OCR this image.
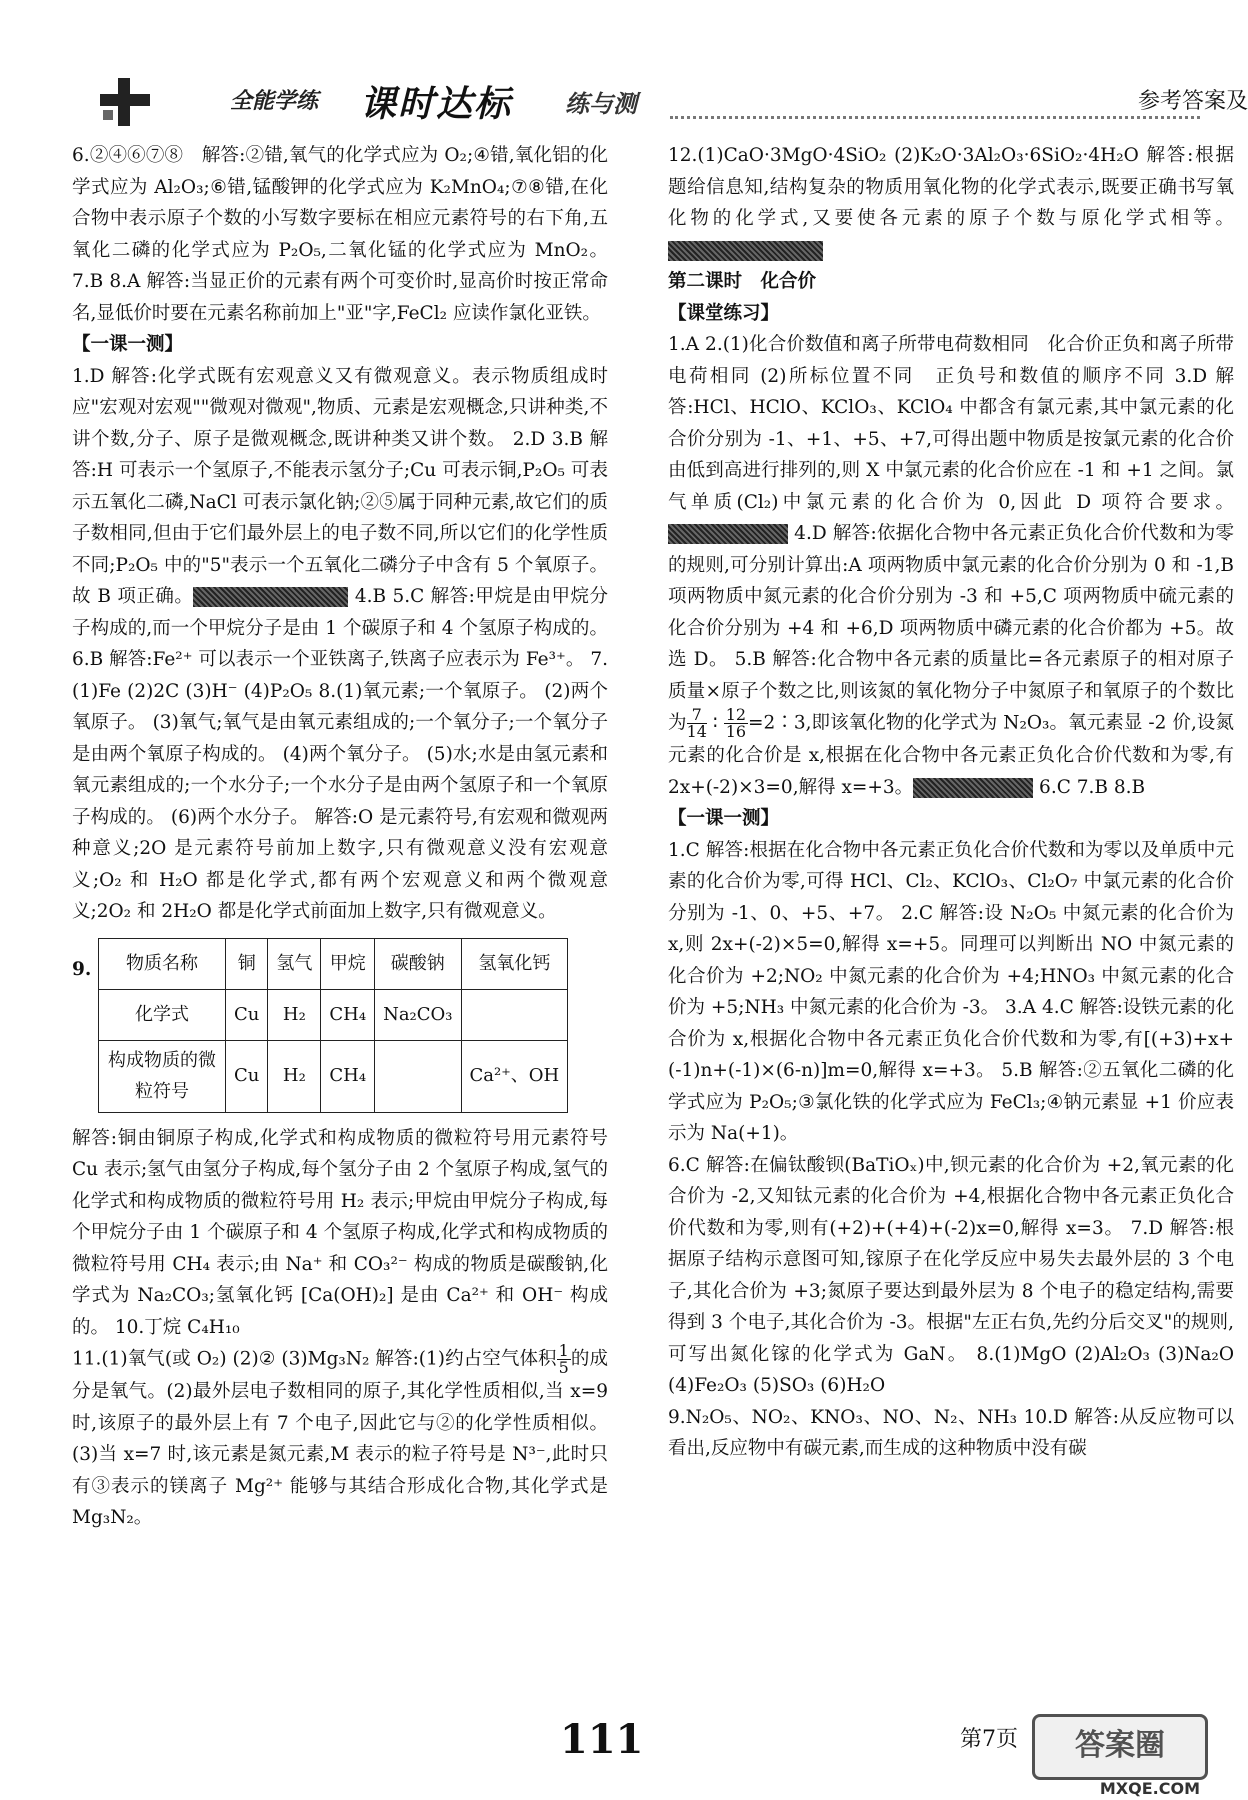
全能学练 课时达标 练与测	参考答案及

6.②④⑥⑦⑧　解答:②错,氧气的化学式应为 O₂;④错,氧化铝的化学式应为 Al₂O₃;⑥错,锰酸钾的化学式应为 K₂MnO₄;⑦⑧错,在化合物中表示原子个数的小写数字要标在相应元素符号的右下角,五氧化二磷的化学式应为 P₂O₅,二氧化锰的化学式应为 MnO₂。 7.B 8.A 解答:当显正价的元素有两个可变价时,显高价时按正常命名,显低价时要在元素名称前加上"亚"字,FeCl₂ 应读作氯化亚铁。

【一课一测】

1.D 解答:化学式既有宏观意义又有微观意义。表示物质组成时应"宏观对宏观""微观对微观",物质、元素是宏观概念,只讲种类,不讲个数,分子、原子是微观概念,既讲种类又讲个数。 2.D 3.B 解答:H 可表示一个氢原子,不能表示氢分子;Cu 可表示铜,P₂O₅ 可表示五氧化二磷,NaCl 可表示氯化钠;②⑤属于同种元素,故它们的质子数相同,但由于它们最外层上的电子数不同,所以它们的化学性质不同;P₂O₅ 中的"5"表示一个五氧化二磷分子中含有 5 个氧原子。故 B 项正确。	4.B 5.C 解答:甲烷是由甲烷分子构成的,而一个甲烷分子是由 1 个碳原子和 4 个氢原子构成的。 6.B 解答:Fe²⁺ 可以表示一个亚铁离子,铁离子应表示为 Fe³⁺。 7.(1)Fe (2)2C (3)H⁻ (4)P₂O₅ 8.(1)氧元素;一个氧原子。 (2)两个氧原子。 (3)氧气;氧气是由氧元素组成的;一个氧分子;一个氧分子是由两个氧原子构成的。 (4)两个氧分子。 (5)水;水是由氢元素和氧元素组成的;一个水分子;一个水分子是由两个氢原子和一个氧原子构成的。 (6)两个水分子。 解答:O 是元素符号,有宏观和微观两种意义;2O 是元素符号前加上数字,只有微观意义没有宏观意义;O₂ 和 H₂O 都是化学式,都有两个宏观意义和两个微观意义;2O₂ 和 2H₂O 都是化学式前面加上数字,只有微观意义。

9. 物质名称	铜	氢气	甲烷	碳酸钠	氢氧化钙
化学式	Cu	H₂	CH₄	Na₂CO₃	
构成物质的微粒符号	Cu	H₂	CH₄		Ca²⁺、OH

解答:铜由铜原子构成,化学式和构成物质的微粒符号用元素符号 Cu 表示;氢气由氢分子构成,每个氢分子由 2 个氢原子构成,氢气的化学式和构成物质的微粒符号用 H₂ 表示;甲烷由甲烷分子构成,每个甲烷分子由 1 个碳原子和 4 个氢原子构成,化学式和构成物质的微粒符号用 CH₄ 表示;由 Na⁺ 和 CO₃²⁻ 构成的物质是碳酸钠,化学式为 Na₂CO₃;氢氧化钙 [Ca(OH)₂] 是由 Ca²⁺ 和 OH⁻ 构成的。 10.丁烷 C₄H₁₀

11.(1)氧气(或 O₂) (2)② (3)Mg₃N₂ 解答:(1)约占空气体积 $\frac{1}{5}$ 的成分是氧气。(2)最外层电子数相同的原子,其化学性质相似,当 x=9 时,该原子的最外层上有 7 个电子,因此它与②的化学性质相似。(3)当 x=7 时,该元素是氮元素,M 表示的粒子符号是 N³⁻,此时只有③表示的镁离子 Mg²⁺ 能够与其结合形成化合物,其化学式是 Mg₃N₂。

12.(1)CaO·3MgO·4SiO₂ (2)K₂O·3Al₂O₃·6SiO₂·4H₂O 解答:根据题给信息知,结构复杂的物质用氧化物的化学式表示,既要正确书写氧化物的化学式,又要使各元素的原子个数与原化学式相等。

第二课时　化合价

【课堂练习】

1.A 2.(1)化合价数值和离子所带电荷数相同　化合价正负和离子所带电荷相同 (2)所标位置不同　正负号和数值的顺序不同 3.D 解答:HCl、HClO、KClO₃、KClO₄ 中都含有氯元素,其中氯元素的化合价分别为 -1、+1、+5、+7,可得出题中物质是按氯元素的化合价由低到高进行排列的,则 X 中氯元素的化合价应在 -1 和 +1 之间。氯气单质(Cl₂)中氯元素的化合价为 0,因此 D 项符合要求。 4.D 解答:依据化合物中各元素正负化合价代数和为零的规则,可分别计算出:A 项两物质中氯元素的化合价分别为 0 和 -1,B 项两物质中氮元素的化合价分别为 -3 和 +5,C 项两物质中硫元素的化合价分别为 +4 和 +6,D 项两物质中磷元素的化合价都为 +5。故选 D。 5.B 解答:化合物中各元素的质量比=各元素原子的相对原子质量×原子个数之比,则该氮的氧化物分子中氮原子和氧原子的个数比为 $\frac{7}{14}$ ∶ $\frac{12}{16}$ =2∶3,即该氧化物的化学式为 N₂O₃。氧元素显 -2 价,设氮元素的化合价是 x,根据在化合物中各元素正负化合价代数和为零,有 2x+(-2)×3=0,解得 x=+3。	6.C 7.B 8.B

【一课一测】

1.C 解答:根据在化合物中各元素正负化合价代数和为零以及单质中元素的化合价为零,可得 HCl、Cl₂、KClO₃、Cl₂O₇ 中氯元素的化合价分别为 -1、0、+5、+7。 2.C 解答:设 N₂O₅ 中氮元素的化合价为 x,则 2x+(-2)×5=0,解得 x=+5。同理可以判断出 NO 中氮元素的化合价为 +2;NO₂ 中氮元素的化合价为 +4;HNO₃ 中氮元素的化合价为 +5;NH₃ 中氮元素的化合价为 -3。 3.A 4.C 解答:设铁元素的化合价为 x,根据化合物中各元素正负化合价代数和为零,有[(+3)+x+(-1)n+(-1)×(6-n)]m=0,解得 x=+3。 5.B 解答:②五氧化二磷的化学式应为 P₂O₅;③氯化铁的化学式应为 FeCl₃;④钠元素显 +1 价应表示为 Na(+1)。

6.C 解答:在偏钛酸钡(BaTiOₓ)中,钡元素的化合价为 +2,氧元素的化合价为 -2,又知钛元素的化合价为 +4,根据化合物中各元素正负化合价代数和为零,则有(+2)+(+4)+(-2)x=0,解得 x=3。 7.D 解答:根据原子结构示意图可知,镓原子在化学反应中易失去最外层的 3 个电子,其化合价为 +3;氮原子要达到最外层为 8 个电子的稳定结构,需要得到 3 个电子,其化合价为 -3。根据"左正右负,先约分后交叉"的规则,可写出氮化镓的化学式为 GaN。 8.(1)MgO (2)Al₂O₃ (3)Na₂O (4)Fe₂O₃ (5)SO₃ (6)H₂O

9.N₂O₅、NO₂、KNO₃、NO、N₂、NH₃ 10.D 解答:从反应物可以看出,反应物中有碳元素,而生成的这种物质中没有碳

111	第7页	答案圈
MXQE.COM
